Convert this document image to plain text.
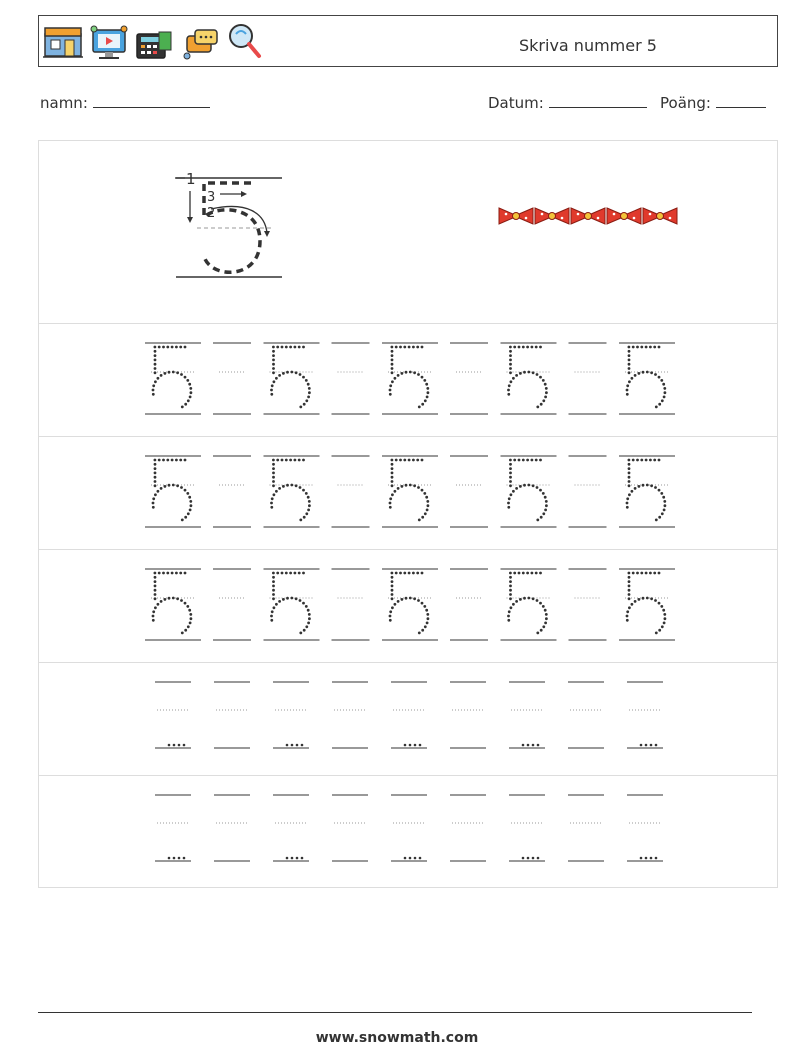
Skriva nummer 5
namn:	Datum:	Poäng:
1
2
3
www.snowmath.com
